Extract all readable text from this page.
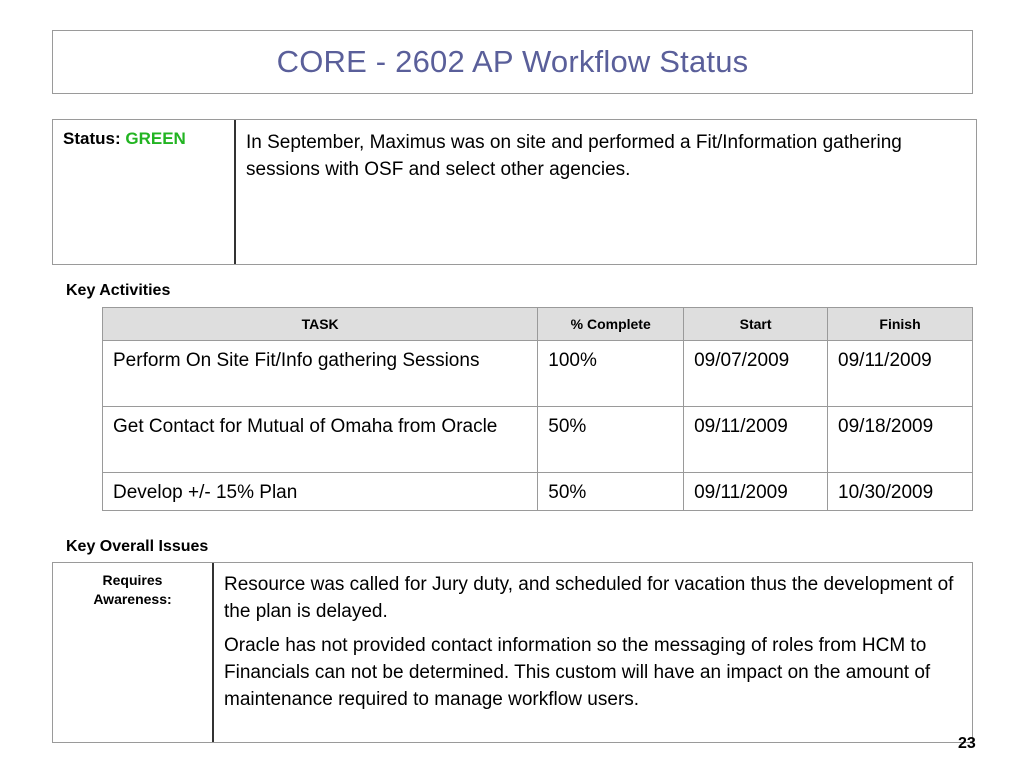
CORE - 2602 AP Workflow Status
Status: GREEN	In September, Maximus was on site and performed a Fit/Information gathering sessions with OSF and select other agencies.
Key Activities
TASK	% Complete	Start	Finish
Perform On Site Fit/Info gathering Sessions	100%	09/07/2009	09/11/2009
Get Contact for Mutual of Omaha from Oracle	50%	09/11/2009	09/18/2009
Develop +/- 15% Plan	50%	09/11/2009	10/30/2009
Key Overall Issues
Requires
Awareness:

Resource was called for Jury duty, and scheduled for vacation thus the development of the plan is delayed.

Oracle has not provided contact information so the messaging of roles from HCM to Financials can not be determined. This custom will have an impact on the amount of maintenance required to manage workflow users.

23
